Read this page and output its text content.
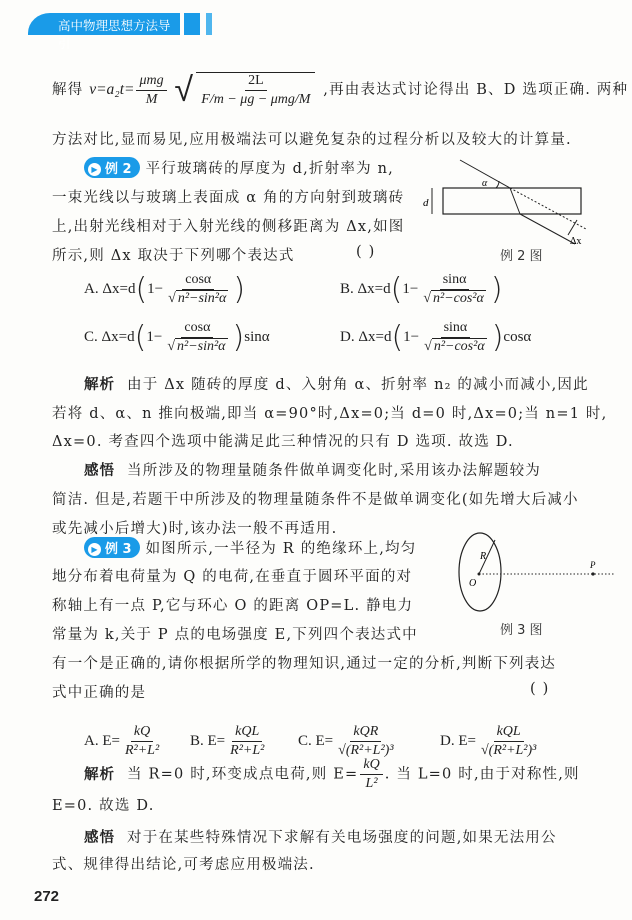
高中物理思想方法导引
解得 $v=a_2t= \frac{\text{μmg}}{M}$ √ $\frac{2L}{\text{F/m − μg − μmg/M}}$ ,再由表达式讨论得出 B、D 选项正确. 两种
方法对比,显而易见,应用极端法可以避免复杂的过程分析以及较大的计算量.
▶ 例 2 平行玻璃砖的厚度为 d,折射率为 n,
一束光线以与玻璃上表面成 α 角的方向射到玻璃砖
上,出射光线相对于入射光线的侧移距离为 Δx,如图
所示,则 Δx 取决于下列哪个表达式	( )
α
d
Δx
例 2 图
A. $\Delta x=d(1- \frac{\cos\alpha}{\text{√ n²−sin²α}}$ )	B. $\Delta x=d(1- \frac{\sin\alpha}{\text{√ n²−cos²α}}$ )
C. $\Delta x=d(1- \frac{\cos\alpha}{\text{√ n²−sin²α}} )\sin\alpha$	D. $\Delta x=d(1- \frac{\sin\alpha}{\text{√ n²−cos²α}} )\cos\alpha$
解析 由于 Δx 随砖的厚度 d、入射角 α、折射率 n₂ 的减小而减小,因此
若将 d、α、n 推向极端,即当 α=90°时,Δx=0;当 d=0 时,Δx=0;当 n=1 时,
Δx=0. 考查四个选项中能满足此三种情况的只有 D 选项. 故选 D.
感悟 当所涉及的物理量随条件做单调变化时,采用该办法解题较为
简洁. 但是,若题干中所涉及的物理量随条件不是做单调变化(如先增大后减小
或先减小后增大)时,该办法一般不再适用.
▶ 例 3 如图所示,一半径为 R 的绝缘环上,均匀
地分布着电荷量为 Q 的电荷,在垂直于圆环平面的对
称轴上有一点 P,它与环心 O 的距离 OP=L. 静电力
常量为 k,关于 P 点的电场强度 E,下列四个表达式中
有一个是正确的,请你根据所学的物理知识,通过一定的分析,判断下列表达
式中正确的是	( )
R
O
P
例 3 图
A. $E= \frac{kQ}{\text{R²+L²}} B$. $E= \frac{\text{kQL}}{\text{R²+L²}} C$. $E= \frac{\text{kQR}}{\text{√(R²+L²)³}}$	D. $E= \frac{\text{kQL}}{\text{√(R²+L²)³}}$
解析 当 R=0 时,环变成点电荷,则 $E= \frac{kQ}{\text{L²}}$ . 当 L=0 时,由于对称性,则
E=0. 故选 D.
感悟 对于在某些特殊情况下求解有关电场强度的问题,如果无法用公
式、规律得出结论,可考虑应用极端法.
272
